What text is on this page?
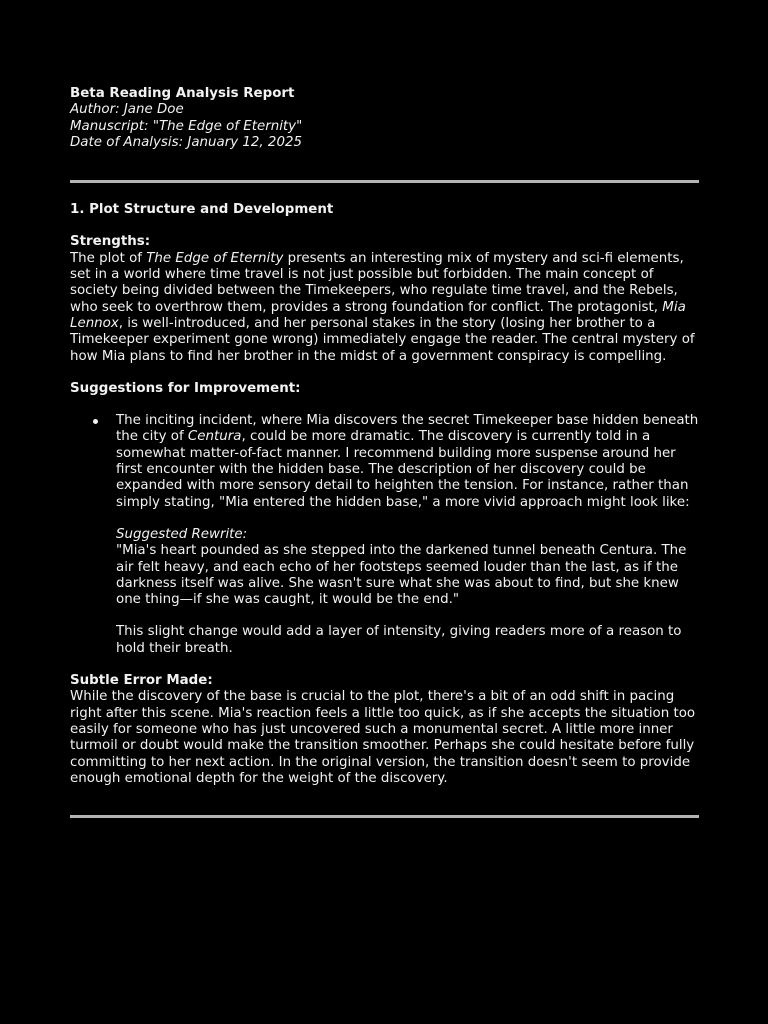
Beta Reading Analysis Report

Author: Jane Doe

Manuscript: "The Edge of Eternity"

Date of Analysis: January 12, 2025

1. Plot Structure and Development

Strengths:

The plot of The Edge of Eternity presents an interesting mix of mystery and sci-fi elements, set in a world where time travel is not just possible but forbidden. The main concept of society being divided between the Timekeepers, who regulate time travel, and the Rebels, who seek to overthrow them, provides a strong foundation for conflict. The protagonist, Mia Lennox, is well-introduced, and her personal stakes in the story (losing her brother to a Timekeeper experiment gone wrong) immediately engage the reader. The central mystery of how Mia plans to find her brother in the midst of a government conspiracy is compelling.

Suggestions for Improvement:

The inciting incident, where Mia discovers the secret Timekeeper base hidden beneath the city of Centura, could be more dramatic. The discovery is currently told in a somewhat matter-of-fact manner. I recommend building more suspense around her first encounter with the hidden base. The description of her discovery could be expanded with more sensory detail to heighten the tension. For instance, rather than simply stating, "Mia entered the hidden base," a more vivid approach might look like:

Suggested Rewrite:

"Mia's heart pounded as she stepped into the darkened tunnel beneath Centura. The air felt heavy, and each echo of her footsteps seemed louder than the last, as if the darkness itself was alive. She wasn't sure what she was about to find, but she knew one thing—if she was caught, it would be the end."

This slight change would add a layer of intensity, giving readers more of a reason to hold their breath.

Subtle Error Made:

While the discovery of the base is crucial to the plot, there's a bit of an odd shift in pacing right after this scene. Mia's reaction feels a little too quick, as if she accepts the situation too easily for someone who has just uncovered such a monumental secret. A little more inner turmoil or doubt would make the transition smoother. Perhaps she could hesitate before fully committing to her next action. In the original version, the transition doesn't seem to provide enough emotional depth for the weight of the discovery.
